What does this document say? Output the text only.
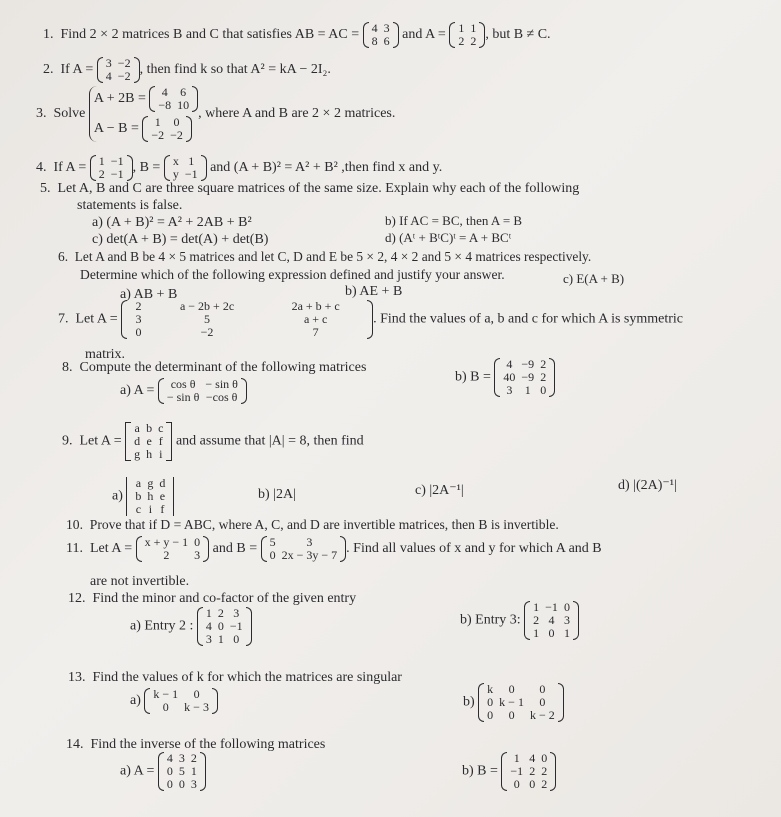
1. Find 2 × 2 matrices B and C that satisfies AB = AC = 4	3
8	6 and A = 1	1
2	2 , but B ≠ C.
2. If A = 3	−2
4	−2 , then find k so that A² = kA − 2I₂.
3. Solve
A + 2B = 4	6
−8	10
A − B = 1	0
−2	−2
, where A and B are 2 × 2 matrices.
4. If A = 1	−1
2	−1 , B = x	1
y	−1 and (A + B)² = A² + B² ,then find x and y.
5. Let A, B and C are three square matrices of the same size. Explain why each of the following
statements is false.
a) (A + B)² = A² + 2AB + B²	b) If AC = BC, then A = B
c) det(A + B) = det(A) + det(B)	d) (Aᵗ + BᵗC)ᵗ = A + BCᵗ
6. Let A and B be 4 × 5 matrices and let C, D and E be 5 × 2, 4 × 2 and 5 × 4 matrices respectively.
Determine which of the following expression defined and justify your answer.
a) AB + B	b) AE + B
c) E(A + B)
7. Let A =
2	a − 2b + 2c	2a + b + c
3	5	a + c
0	−2	7
. Find the values of a, b and c for which A is symmetric
matrix.
8. Compute the determinant of the following matrices
a) A = cos θ	− sin θ
− sin θ	−cos θ
b) B =
4	−9	2
40	−9	2
3	1	0
9. Let A =
a	b	c
d	e	f
g	h	i
and assume that |A| = 8, then find
a)
a	g	d
b	h	e
c	i	f
b) |2A|	c) |2A⁻¹|	d) |(2A)⁻¹|
10. Prove that if D = ABC, where A, C, and D are invertible matrices, then B is invertible.
11. Let A = x + y − 1	0
2	3 and B = 5	3
0	2x − 3y − 7 . Find all values of x and y for which A and B
are not invertible.
12. Find the minor and co-factor of the given entry
a) Entry 2 :
1	2	3
4	0	−1
3	1	0
b) Entry 3:
1	−1	0
2	4	3
1	0	1
13. Find the values of k for which the matrices are singular
a) k − 1	0
0	k − 3	b)
k	0	0
0	k − 1	0
0	0	k − 2
14. Find the inverse of the following matrices
a) A =
4	3	2
0	5	1
0	0	3
b) B =
1	4	0
−1	2	2
0	0	2
